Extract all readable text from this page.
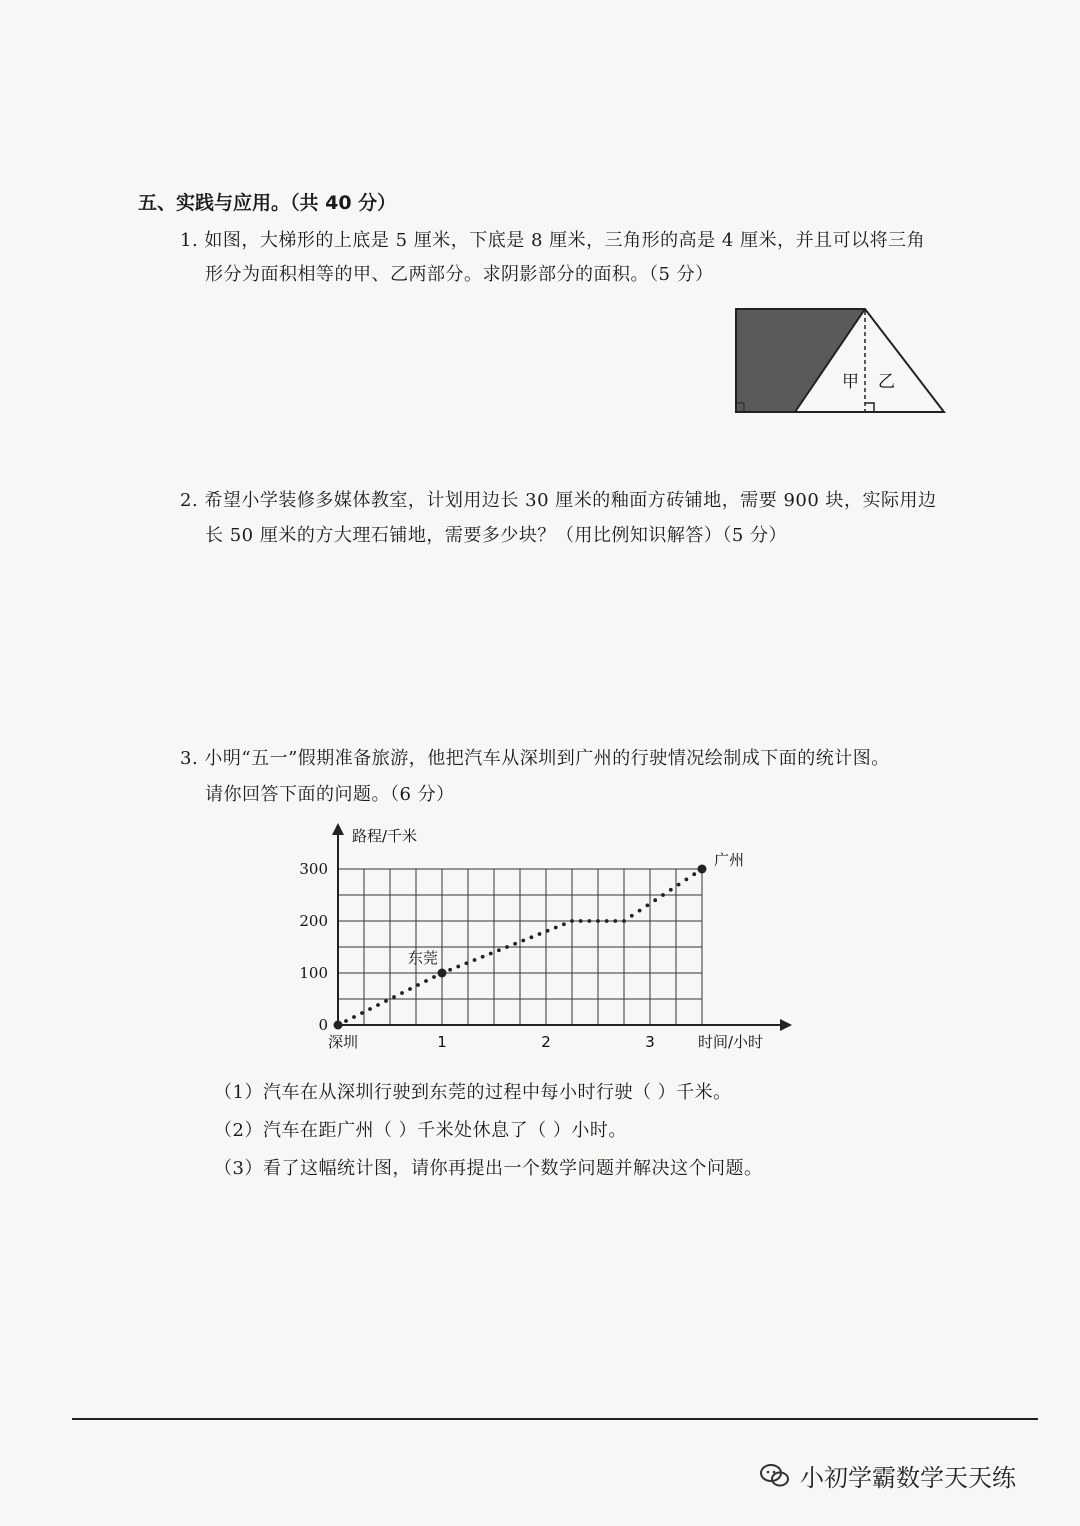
五、实践与应用。（共 40 分）
1. 如图，大梯形的上底是 5 厘米，下底是 8 厘米，三角形的高是 4 厘米，并且可以将三角
形分为面积相等的甲、乙两部分。求阴影部分的面积。（5 分）
甲 乙
2. 希望小学装修多媒体教室，计划用边长 30 厘米的釉面方砖铺地，需要 900 块，实际用边
长 50 厘米的方大理石铺地，需要多少块？（用比例知识解答）（5 分）
3. 小明“五一”假期准备旅游，他把汽车从深圳到广州的行驶情况绘制成下面的统计图。
请你回答下面的问题。（6 分）
路程/千米
时间/小时
0
100
200
300
深圳	1	2	3
东莞
广州
（1）汽车在从深圳行驶到东莞的过程中每小时行驶（ ）千米。
（2）汽车在距广州（ ）千米处休息了（ ）小时。
（3）看了这幅统计图，请你再提出一个数学问题并解决这个问题。
小初学霸数学天天练
